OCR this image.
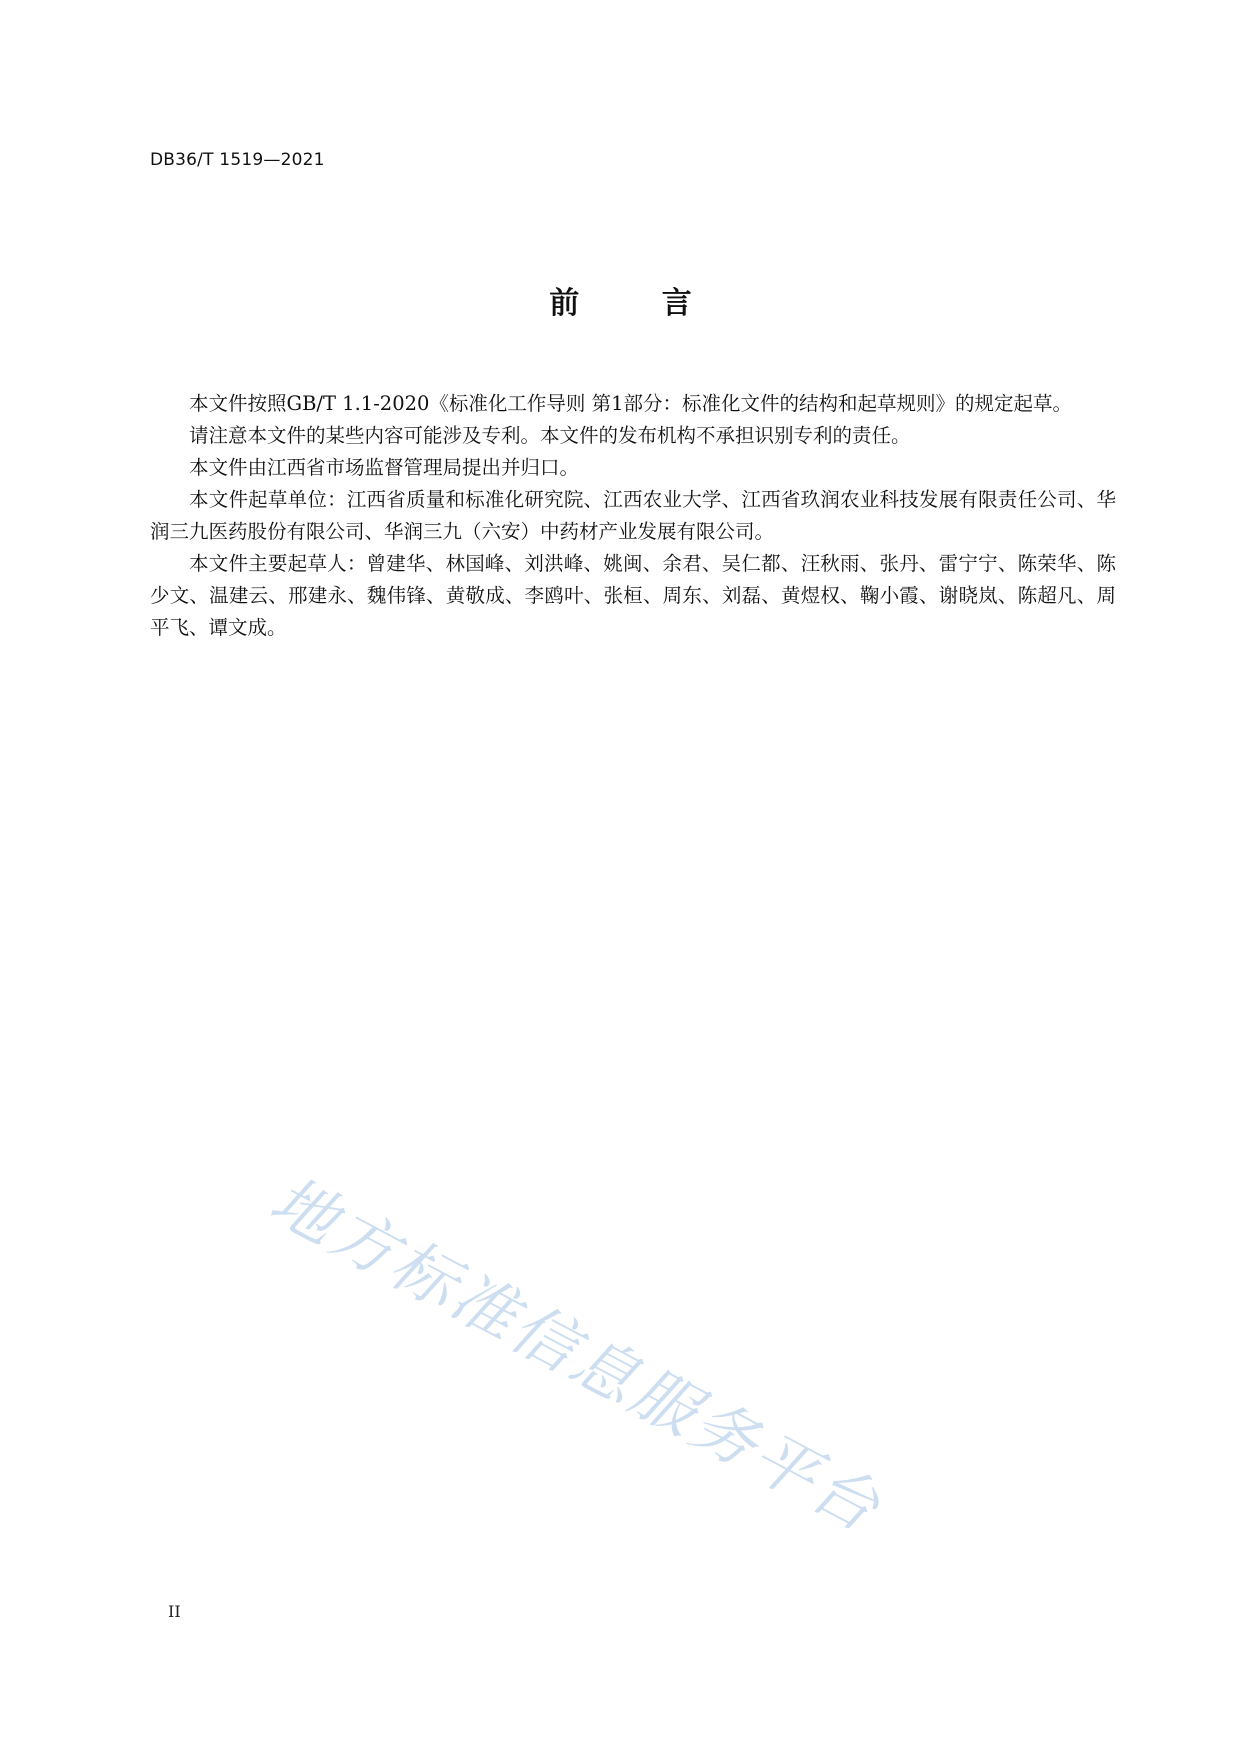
DB36/T 1519—2021
前 言

本文件按照GB/T 1.1-2020《标准化工作导则 第1部分：标准化文件的结构和起草规则》的规定起草。

请注意本文件的某些内容可能涉及专利。本文件的发布机构不承担识别专利的责任。

本文件由江西省市场监督管理局提出并归口。

本文件起草单位：江西省质量和标准化研究院、江西农业大学、江西省玖润农业科技发展有限责任公司、华润三九医药股份有限公司、华润三九（六安）中药材产业发展有限公司。

本文件主要起草人：曾建华、林国峰、刘洪峰、姚闽、余君、吴仁都、汪秋雨、张丹、雷宁宁、陈荣华、陈少文、温建云、邢建永、魏伟锋、黄敬成、李鸥叶、张桓、周东、刘磊、黄煜权、鞠小霞、谢晓岚、陈超凡、周平飞、谭文成。

地方标准信息服务平台
II
